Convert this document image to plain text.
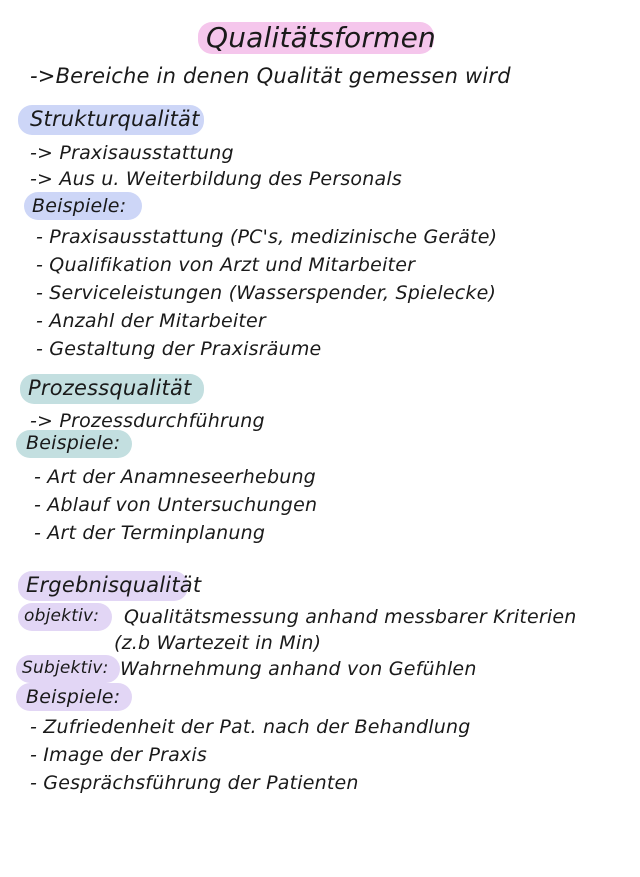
Qualitätsformen
->Bereiche in denen Qualität gemessen wird
Strukturqualität
-> Praxisausstattung
-> Aus u. Weiterbildung des Personals
Beispiele:
- Praxisausstattung (PC's, medizinische Geräte)
- Qualifikation von Arzt und Mitarbeiter
- Serviceleistungen (Wasserspender, Spielecke)
- Anzahl der Mitarbeiter
- Gestaltung der Praxisräume
Prozessqualität
-> Prozessdurchführung
Beispiele:
- Art der Anamneseerhebung
- Ablauf von Untersuchungen
- Art der Terminplanung
Ergebnisqualität
objektiv: Qualitätsmessung anhand messbarer Kriterien
(z.b Wartezeit in Min)
Subjektiv: Wahrnehmung anhand von Gefühlen
Beispiele:
- Zufriedenheit der Pat. nach der Behandlung
- Image der Praxis
- Gesprächsführung der Patienten
